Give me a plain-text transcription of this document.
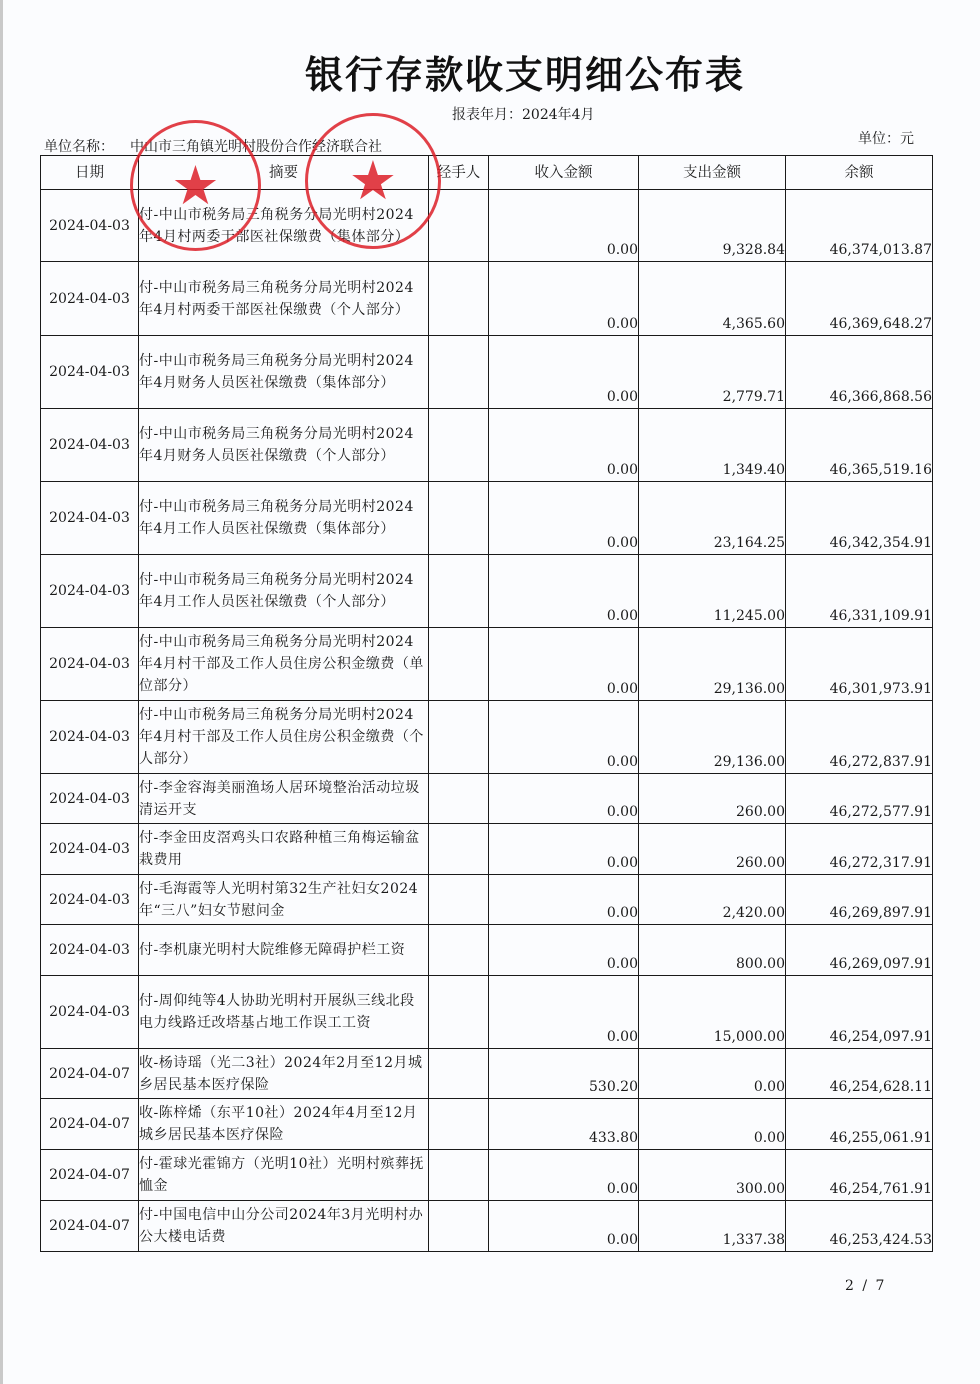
银行存款收支明细公布表
报表年月：2024年4月
单位名称： 中山市三角镇光明村股份合作经济联合社	单位：元
日期	摘要	经手人	收入金额	支出金额	余额
2024-04-03	付-中山市税务局三角税务分局光明村2024年4月村两委干部医社保缴费（集体部分）		0.00	9,328.84	46,374,013.87
2024-04-03	付-中山市税务局三角税务分局光明村2024年4月村两委干部医社保缴费（个人部分）		0.00	4,365.60	46,369,648.27
2024-04-03	付-中山市税务局三角税务分局光明村2024年4月财务人员医社保缴费（集体部分）		0.00	2,779.71	46,366,868.56
2024-04-03	付-中山市税务局三角税务分局光明村2024年4月财务人员医社保缴费（个人部分）		0.00	1,349.40	46,365,519.16
2024-04-03	付-中山市税务局三角税务分局光明村2024年4月工作人员医社保缴费（集体部分）		0.00	23,164.25	46,342,354.91
2024-04-03	付-中山市税务局三角税务分局光明村2024年4月工作人员医社保缴费（个人部分）		0.00	11,245.00	46,331,109.91
2024-04-03	付-中山市税务局三角税务分局光明村2024年4月村干部及工作人员住房公积金缴费（单位部分）		0.00	29,136.00	46,301,973.91
2024-04-03	付-中山市税务局三角税务分局光明村2024年4月村干部及工作人员住房公积金缴费（个人部分）		0.00	29,136.00	46,272,837.91
2024-04-03	付-李金容海美丽渔场人居环境整治活动垃圾清运开支		0.00	260.00	46,272,577.91
2024-04-03	付-李金田皮滘鸡头口农路种植三角梅运输盆栽费用		0.00	260.00	46,272,317.91
2024-04-03	付-毛海霞等人光明村第32生产社妇女2024年“三八”妇女节慰问金		0.00	2,420.00	46,269,897.91
2024-04-03	付-李机康光明村大院维修无障碍护栏工资		0.00	800.00	46,269,097.91
2024-04-03	付-周仰纯等4人协助光明村开展纵三线北段电力线路迁改塔基占地工作误工工资		0.00	15,000.00	46,254,097.91
2024-04-07	收-杨诗瑶（光二3社）2024年2月至12月城乡居民基本医疗保险		530.20	0.00	46,254,628.11
2024-04-07	收-陈梓烯（东平10社）2024年4月至12月城乡居民基本医疗保险		433.80	0.00	46,255,061.91
2024-04-07	付-霍球光霍锦方（光明10社）光明村殡葬抚恤金		0.00	300.00	46,254,761.91
2024-04-07	付-中国电信中山分公司2024年3月光明村办公大楼电话费		0.00	1,337.38	46,253,424.53
★ ★
2 / 7
